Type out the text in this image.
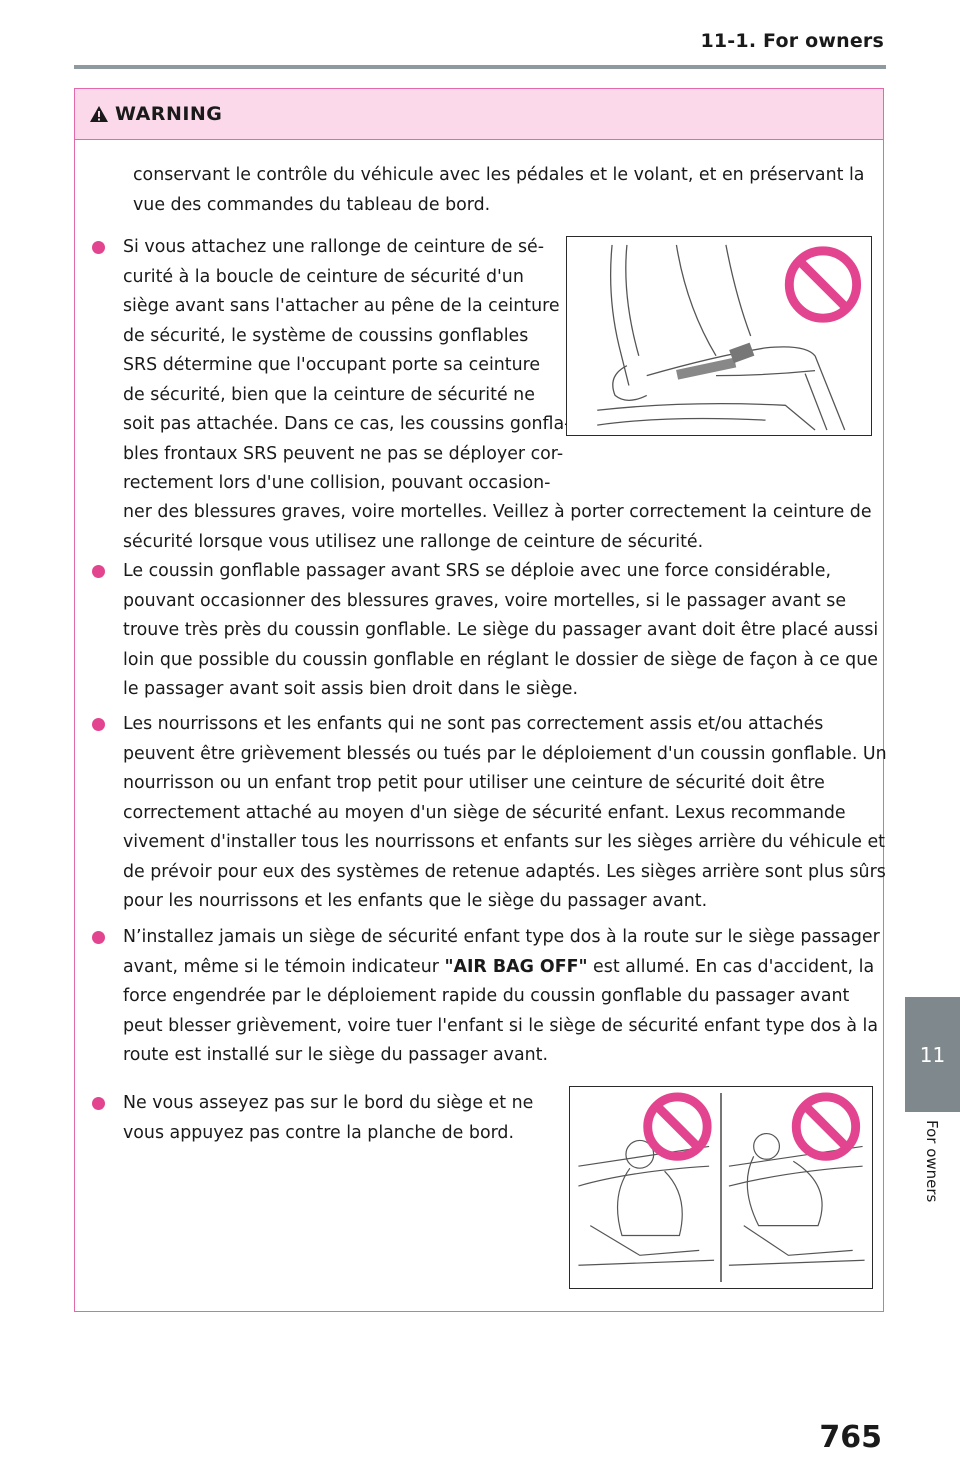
11-1. For owners
11
For owners
WARNING
conservant le contrôle du véhicule avec les pédales et le volant, et en préservant la vue des commandes du tableau de bord.
Si vous attachez une rallonge de ceinture de sé-
curité à la boucle de ceinture de sécurité d'un
siège avant sans l'attacher au pêne de la ceinture
de sécurité, le système de coussins gonflables
SRS détermine que l'occupant porte sa ceinture
de sécurité, bien que la ceinture de sécurité ne
soit pas attachée. Dans ce cas, les coussins gonfla-
bles frontaux SRS peuvent ne pas se déployer cor-
rectement lors d'une collision, pouvant occasion-
ner des blessures graves, voire mortelles. Veillez à porter correctement la ceinture de
sécurité lorsque vous utilisez une rallonge de ceinture de sécurité.
Le coussin gonflable passager avant SRS se déploie avec une force considérable, pouvant occasionner des blessures graves, voire mortelles, si le passager avant se trouve très près du coussin gonflable. Le siège du passager avant doit être placé aussi loin que possible du coussin gonflable en réglant le dossier de siège de façon à ce que le passager avant soit assis bien droit dans le siège.
Les nourrissons et les enfants qui ne sont pas correctement assis et/ou attachés peuvent être grièvement blessés ou tués par le déploiement d'un coussin gonflable. Un nourrisson ou un enfant trop petit pour utiliser une ceinture de sécurité doit être correctement attaché au moyen d'un siège de sécurité enfant. Lexus recommande vivement d'installer tous les nourrissons et enfants sur les sièges arrière du véhicule et de prévoir pour eux des systèmes de retenue adaptés. Les sièges arrière sont plus sûrs pour les nourrissons et les enfants que le siège du passager avant.
N’installez jamais un siège de sécurité enfant type dos à la route sur le siège passager avant, même si le témoin indicateur "AIR BAG OFF" est allumé. En cas d'accident, la force engendrée par le déploiement rapide du coussin gonflable du passager avant peut blesser grièvement, voire tuer l'enfant si le siège de sécurité enfant type dos à la route est installé sur le siège du passager avant.
Ne vous asseyez pas sur le bord du siège et ne
vous appuyez pas contre la planche de bord.
765
